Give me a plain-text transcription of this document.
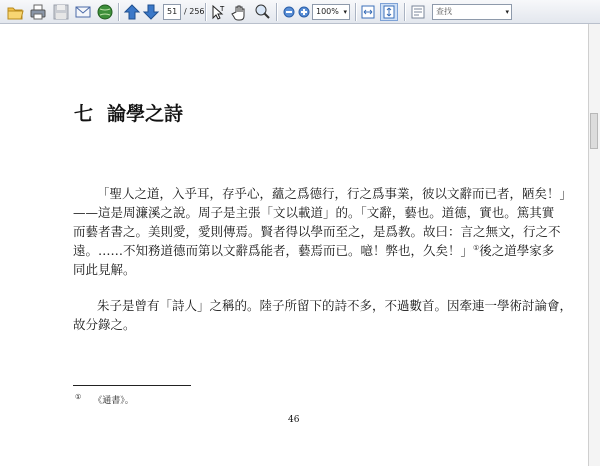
51 / 256 T	100% ▾	查找	▾
七 論學之詩
「聖人之道，入乎耳，存乎心，蘊之爲德行，行之爲事業，彼以文辭而已者，陋矣！」
——這是周濂溪之說。周子是主張「文以載道」的。「文辭，藝也。道德，實也。篤其實
而藝者書之。美則愛，愛則傳焉。賢者得以學而至之，是爲教。故曰：言之無文，行之不
遠。……不知務道德而第以文辭爲能者，藝焉而已。噫！弊也，久矣！」①後之道學家多
同此見解。
朱子是曾有「詩人」之稱的。陸子所留下的詩不多，不過數首。因牽連一學術討論會，
故分錄之。
① 《通書》。
46
